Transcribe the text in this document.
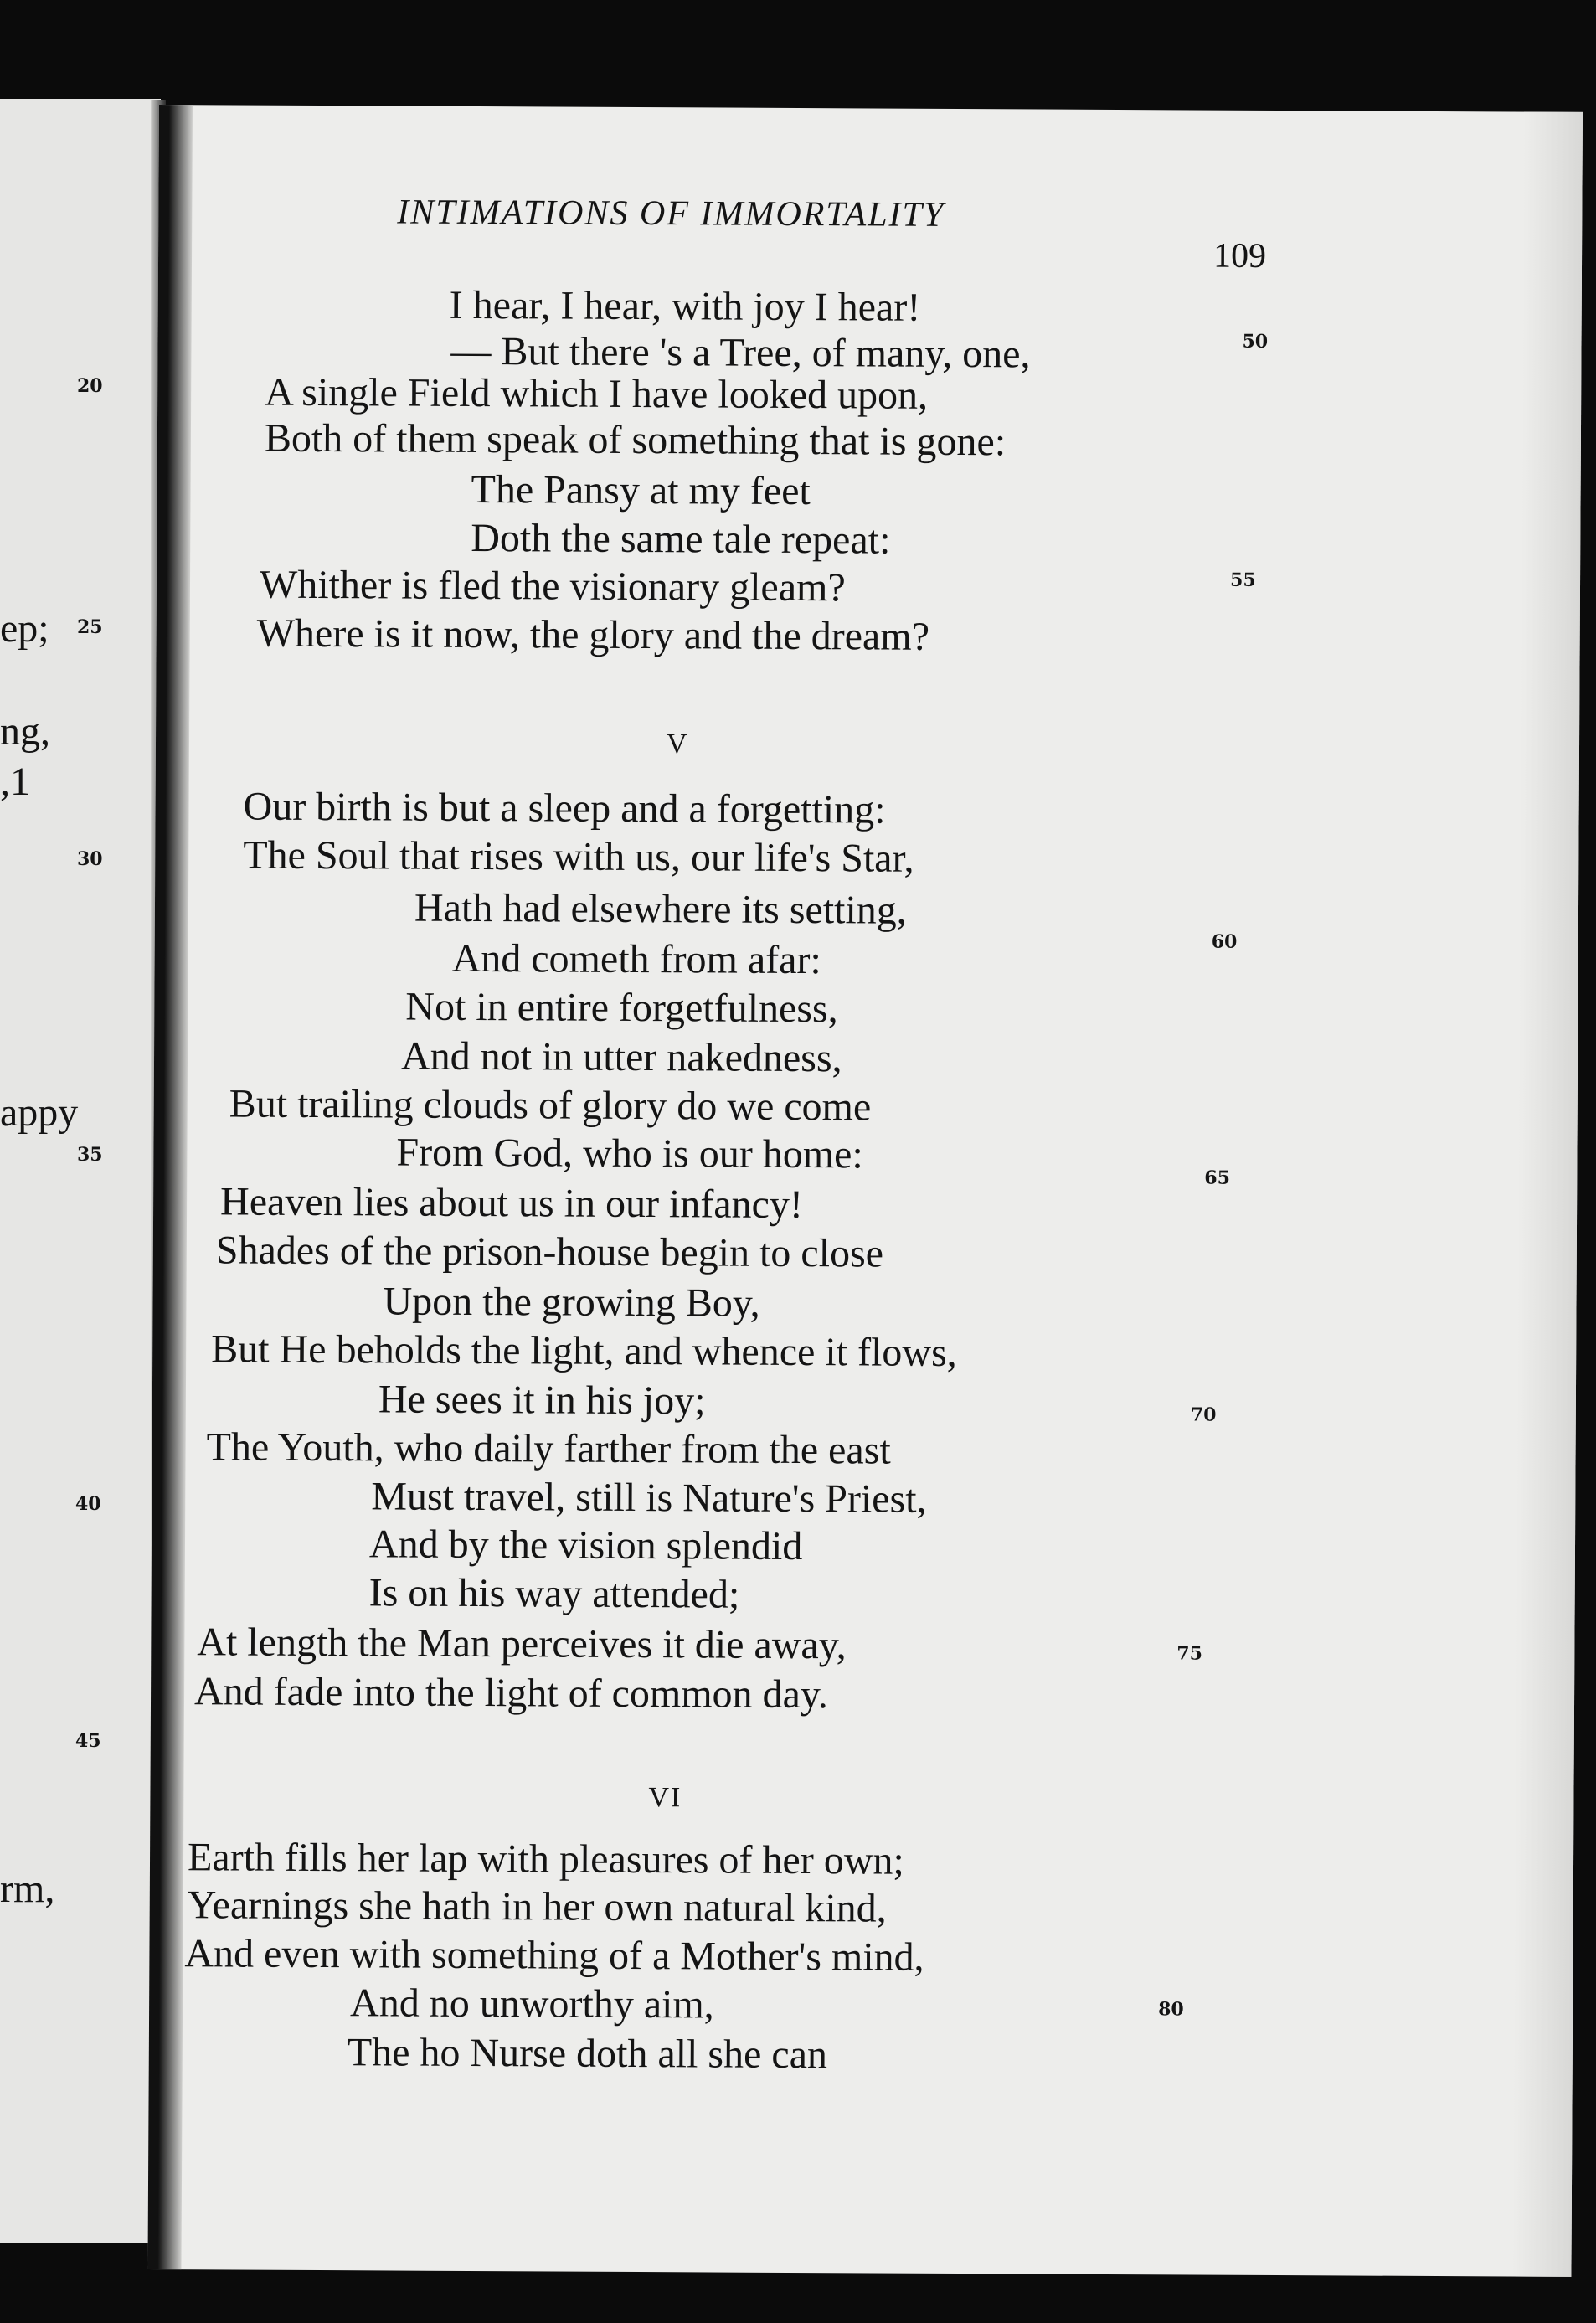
20
25
30
35
40
45
ep;
ng,
,1
appy
rm,
INTIMATIONS OF IMMORTALITY
109
I hear, I hear, with joy I hear!
— But there 's a Tree, of many, one,
A single Field which I have looked upon,
Both of them speak of something that is gone:
The Pansy at my feet
Doth the same tale repeat:
Whither is fled the visionary gleam?
Where is it now, the glory and the dream?
V
Our birth is but a sleep and a forgetting:
The Soul that rises with us, our life's Star,
Hath had elsewhere its setting,
And cometh from afar:
Not in entire forgetfulness,
And not in utter nakedness,
But trailing clouds of glory do we come
From God, who is our home:
Heaven lies about us in our infancy!
Shades of the prison-house begin to close
Upon the growing Boy,
But He beholds the light, and whence it flows,
He sees it in his joy;
The Youth, who daily farther from the east
Must travel, still is Nature's Priest,
And by the vision splendid
Is on his way attended;
At length the Man perceives it die away,
And fade into the light of common day.
VI
Earth fills her lap with pleasures of her own;
Yearnings she hath in her own natural kind,
And even with something of a Mother's mind,
And no unworthy aim,
The ho Nurse doth all she can
50
55
60
65
70
75
80
